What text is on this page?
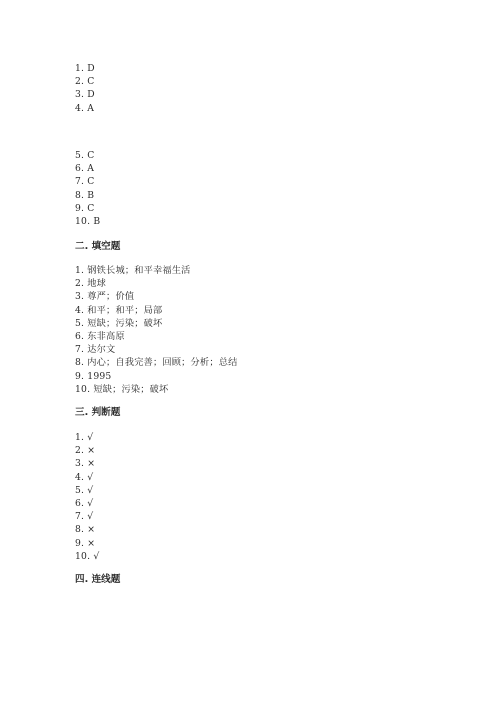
1. D
2. C
3. D
4. A
5. C
6. A
7. C
8. B
9. C
10. B
二. 填空题
1. 钢铁长城；和平幸福生活
2. 地球
3. 尊严；价值
4. 和平；和平；局部
5. 短缺；污染；破坏
6. 东非高原
7. 达尔文
8. 内心；自我完善；回顾；分析；总结
9. 1995
10. 短缺；污染；破坏
三. 判断题
1. √
2. ×
3. ×
4. √
5. √
6. √
7. √
8. ×
9. ×
10. √
四. 连线题
